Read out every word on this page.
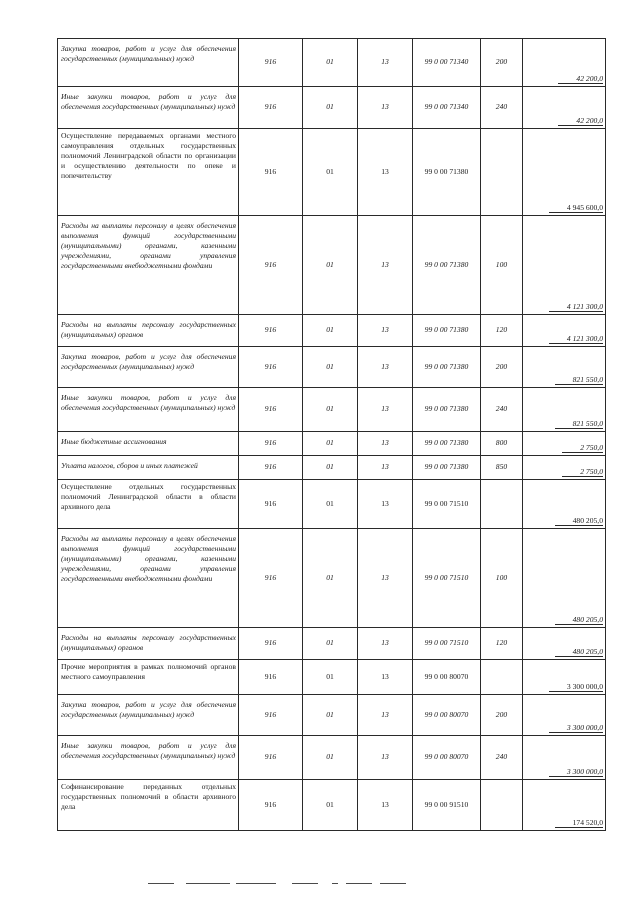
Закупка товаров, работ и услуг для обеспечения государственных (муниципальных) нужд	916	01	13	99 0 00 71340	200	42 200,0

Иные закупки товаров, работ и услуг для обеспечения государственных (муниципальных) нужд	916	01	13	99 0 00 71340	240	42 200,0

Осуществление передаваемых органами местного самоуправления отдельных государственных полномочий Ленинградской области по организации и осуществлению деятельности по опеке и попечительству	916	01	13	99 0 00 71380		4 945 600,0

Расходы на выплаты персоналу в целях обеспечения выполнения функций государственными (муниципальными) органами, казенными учреждениями, органами управления государственными внебюджетными фондами	916	01	13	99 0 00 71380	100	4 121 300,0

Расходы на выплаты персоналу государственных (муниципальных) органов	916	01	13	99 0 00 71380	120	4 121 300,0

Закупка товаров, работ и услуг для обеспечения государственных (муниципальных) нужд	916	01	13	99 0 00 71380	200	821 550,0

Иные закупки товаров, работ и услуг для обеспечения государственных (муниципальных) нужд	916	01	13	99 0 00 71380	240	821 550,0

Иные бюджетные ассигнования	916	01	13	99 0 00 71380	800	2 750,0

Уплата налогов, сборов и иных платежей	916	01	13	99 0 00 71380	850	2 750,0

Осуществление отдельных государственных полномочий Ленинградской области в области архивного дела	916	01	13	99 0 00 71510		480 205,0

Расходы на выплаты персоналу в целях обеспечения выполнения функций государственными (муниципальными) органами, казенными учреждениями, органами управления государственными внебюджетными фондами	916	01	13	99 0 00 71510	100	480 205,0

Расходы на выплаты персоналу государственных (муниципальных) органов	916	01	13	99 0 00 71510	120	480 205,0

Прочие мероприятия в рамках полномочий органов местного самоуправления	916	01	13	99 0 00 80070		3 300 000,0

Закупка товаров, работ и услуг для обеспечения государственных (муниципальных) нужд	916	01	13	99 0 00 80070	200	3 300 000,0

Иные закупки товаров, работ и услуг для обеспечения государственных (муниципальных) нужд	916	01	13	99 0 00 80070	240	3 300 000,0

Софинансирование переданных отдельных государственных полномочий в области архивного дела	916	01	13	99 0 00 91510		174 520,0
